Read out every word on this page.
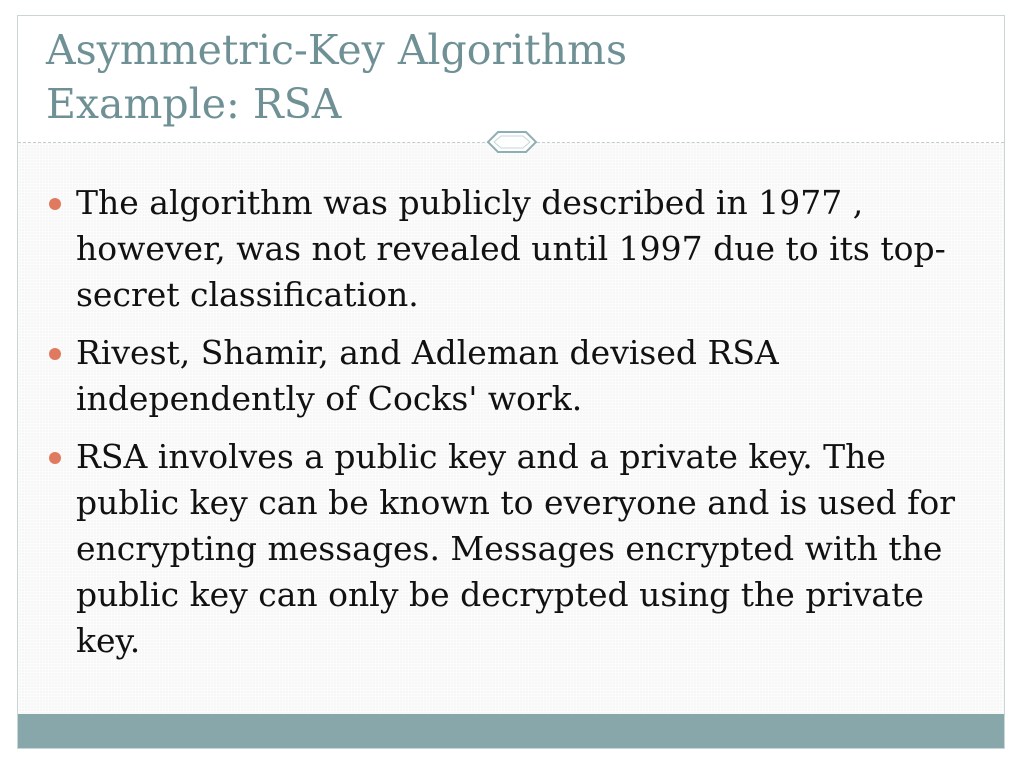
Asymmetric-Key Algorithms
Example: RSA
The algorithm was publicly described in 1977 , however, was not revealed until 1997 due to its top-secret classification.
Rivest, Shamir, and Adleman devised RSA independently of Cocks' work.
RSA involves a public key and a private key. The public key can be known to everyone and is used for encrypting messages. Messages encrypted with the public key can only be decrypted using the private key.
